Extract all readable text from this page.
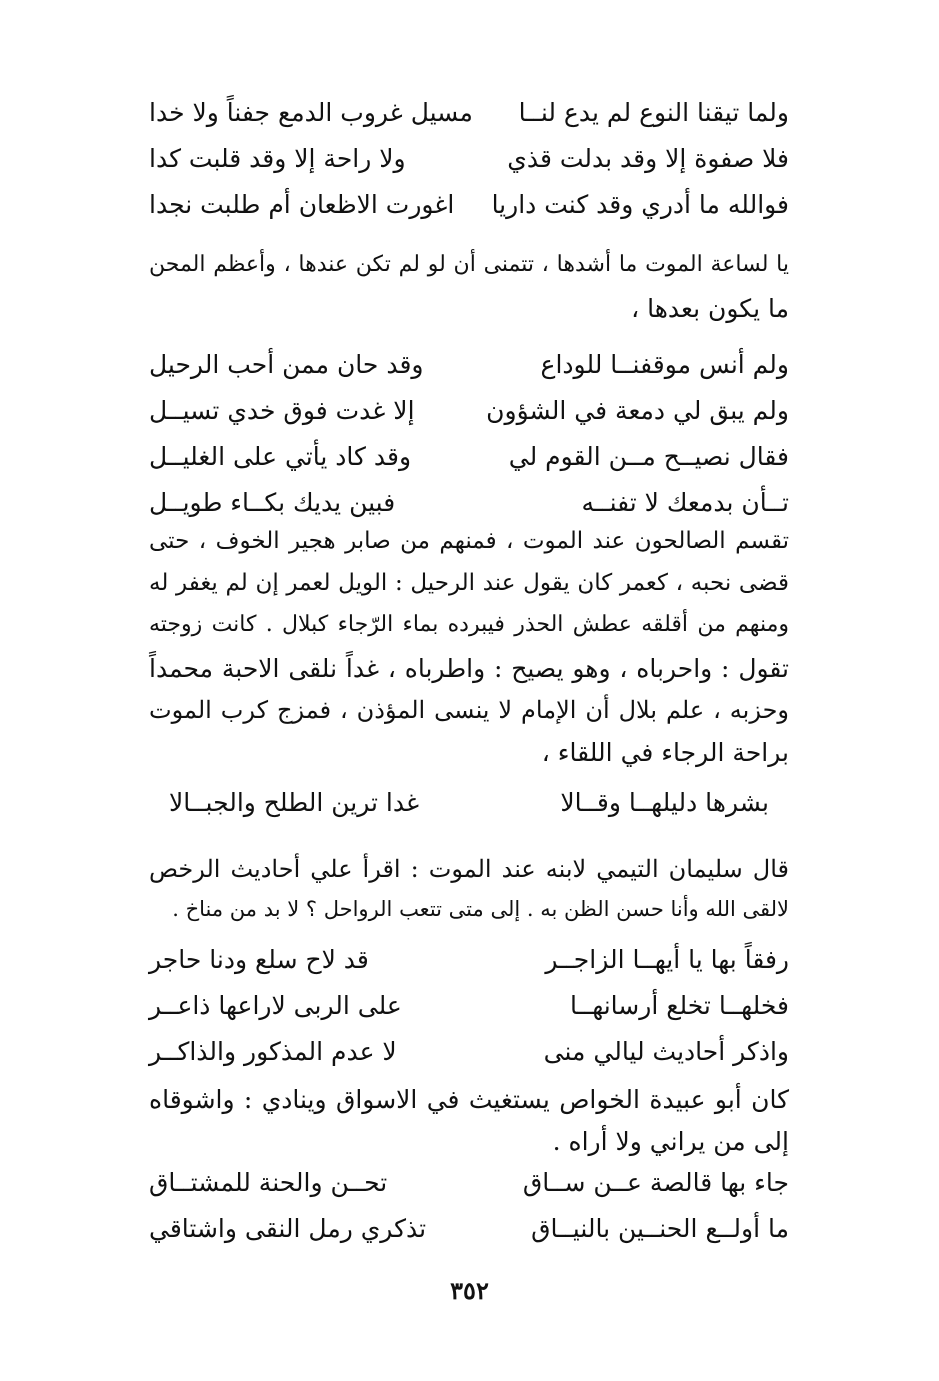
ولما تيقنا النوع لم يدع لنــا
مسيل غروب الدمع جفناً ولا خدا
فلا صفوة إلا وقد بدلت قذي
ولا راحة إلا وقد قلبت كدا
فوالله ما أدري وقد كنت داريا
اغورت الاظعان أم طلبت نجدا
يا لساعة الموت ما أشدها ، تتمنى أن لو لم تكن عندها ، وأعظم المحن
ما يكون بعدها ،
ولم أنس موقفنــا للوداع
وقد حان ممن أحب الرحيل
ولم يبق لي دمعة في الشؤون
إلا غدت فوق خدي تسيــل
فقال نصيــح مــن القوم لي
وقد كاد يأتي على الغليــل
تــأن بدمعك لا تفنــه
فبين يديك بكــاء طويــل
تقسم الصالحون عند الموت ، فمنهم من صابر هجير الخوف ، حتى
قضى نحبه ، كعمر كان يقول عند الرحيل : الويل لعمر إن لم يغفر له
ومنهم من أقلقه عطش الحذر فيبرده بماء الرّجاء كبلال . كانت زوجته
تقول : واحرباه ، وهو يصيح : واطرباه ، غداً نلقى الاحبة محمداً
وحزبه ، علم بلال أن الإمام لا ينسى المؤذن ، فمزج كرب الموت
براحة الرجاء في اللقاء ،
بشرها دليلهــا وقــالا
غدا ترين الطلح والجبــالا
قال سليمان التيمي لابنه عند الموت : اقرأ علي أحاديث الرخص
لالقى الله وأنا حسن الظن به . إلى متى تتعب الرواحل ؟ لا بد من مناخ .
رفقاً بها يا أيهــا الزاجــر
قد لاح سلع ودنا حاجر
فخلهــا تخلع أرسانهــا
على الربى لاراعها ذاعــر
واذكر أحاديث ليالي منى
لا عدم المذكور والذاكــر
كان أبو عبيدة الخواص يستغيث في الاسواق وينادي : واشوقاه
إلى من يراني ولا أراه .
جاء بها قالصة عــن ســاق
تحــن والحنة للمشتــاق
ما أولــع الحنــين بالنيــاق
تذكري رمل النقى واشتاقي
٣٥٢
